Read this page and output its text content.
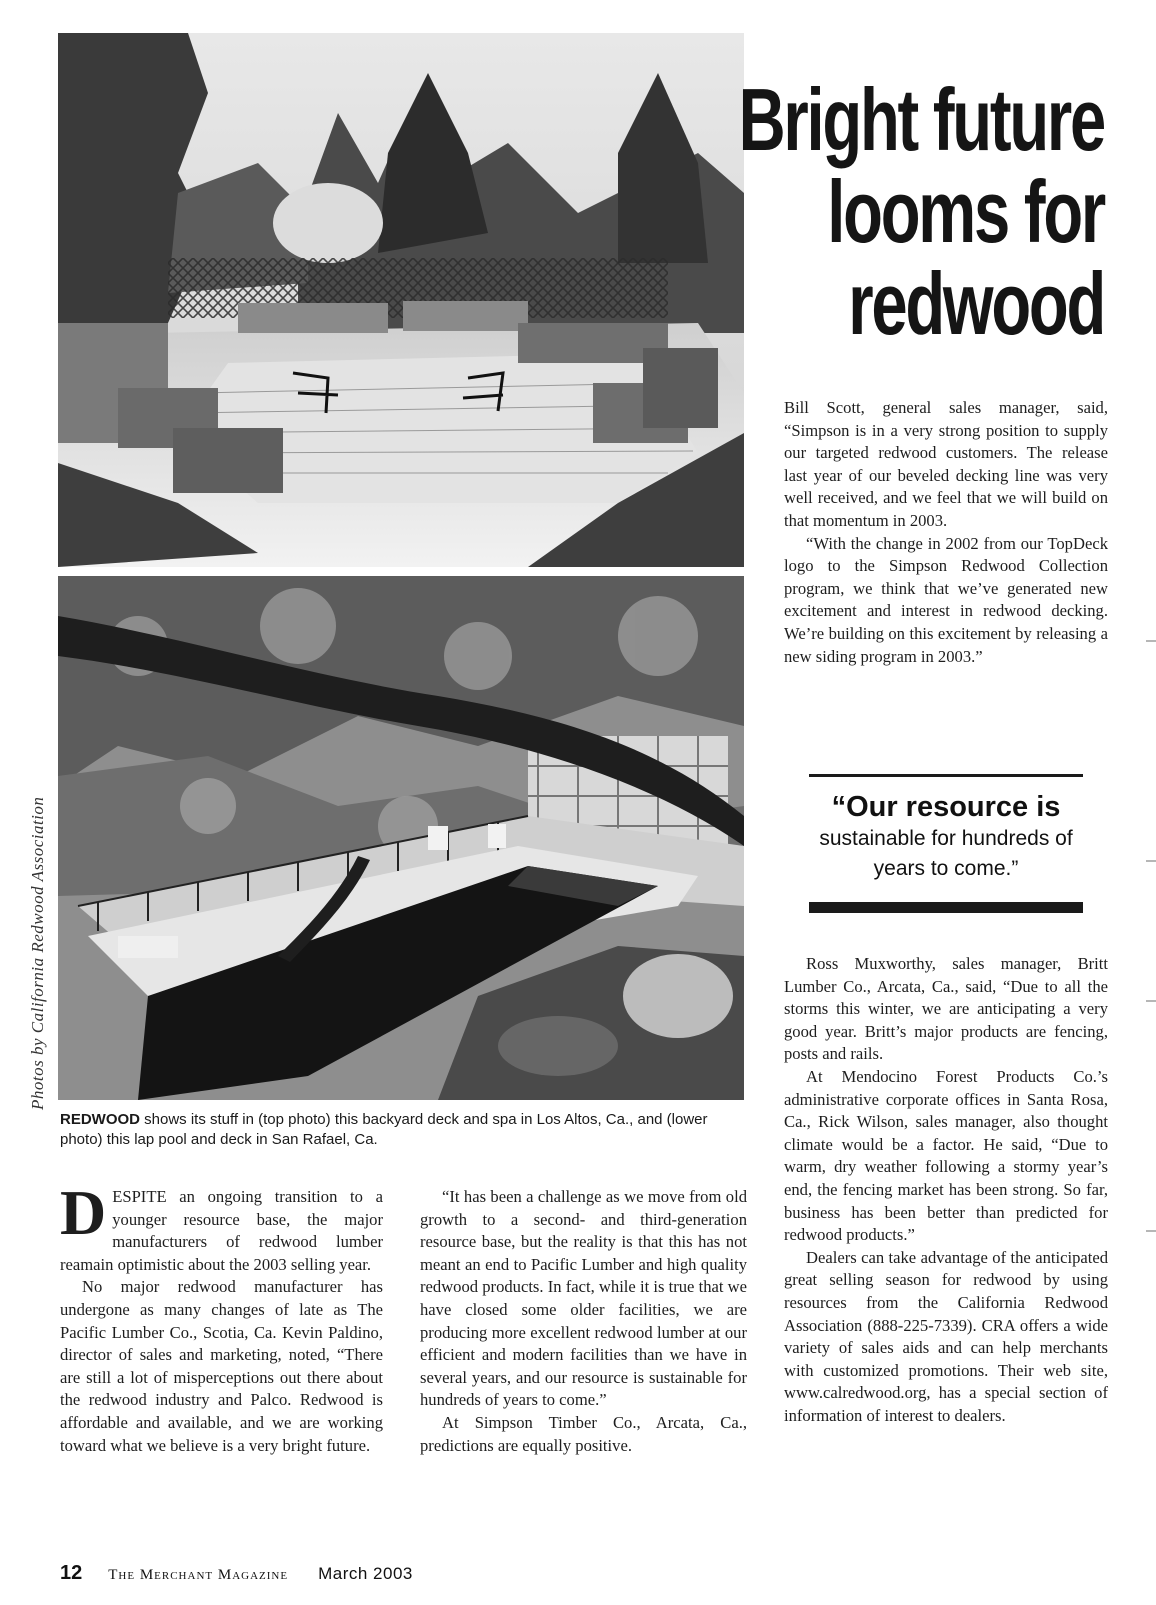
Bright future
looms for
redwood
Photos by California Redwood Association
REDWOOD shows its stuff in (top photo) this backyard deck and spa in Los Altos, Ca., and (lower photo) this lap pool and deck in San Rafael, Ca.

DESPITE an ongoing transition to a younger resource base, the major manufacturers of redwood lumber reamain optimistic about the 2003 selling year.

No major redwood manufacturer has undergone as many changes of late as The Pacific Lumber Co., Scotia, Ca. Kevin Paldino, director of sales and marketing, noted, “There are still a lot of misperceptions out there about the redwood industry and Palco. Redwood is affordable and available, and we are working toward what we believe is a very bright future.

“It has been a challenge as we move from old growth to a second- and third-generation resource base, but the reality is that this has not meant an end to Pacific Lumber and high quality redwood products. In fact, while it is true that we have closed some older facilities, we are producing more excellent redwood lumber at our efficient and modern facilities than we have in several years, and our resource is sustainable for hundreds of years to come.”

At Simpson Timber Co., Arcata, Ca., predictions are equally positive.

Bill Scott, general sales manager, said, “Simpson is in a very strong position to supply our targeted redwood customers. The release last year of our beveled decking line was very well received, and we feel that we will build on that momentum in 2003.

“With the change in 2002 from our TopDeck logo to the Simpson Redwood Collection program, we think that we’ve generated new excitement and interest in redwood decking. We’re building on this excitement by releasing a new siding program in 2003.”

“Our resource is
sustainable for hundreds of years to come.”

Ross Muxworthy, sales manager, Britt Lumber Co., Arcata, Ca., said, “Due to all the storms this winter, we are anticipating a very good year. Britt’s major products are fencing, posts and rails.

At Mendocino Forest Products Co.’s administrative corporate offices in Santa Rosa, Ca., Rick Wilson, sales manager, also thought climate would be a factor. He said, “Due to warm, dry weather following a stormy year’s end, the fencing market has been strong. So far, business has been better than predicted for redwood products.”

Dealers can take advantage of the anticipated great selling season for redwood by using resources from the California Redwood Association (888-225-7339). CRA offers a wide variety of sales aids and can help merchants with customized promotions. Their web site, www.calredwood.org, has a special section of information of interest to dealers.

12 The Merchant Magazine March 2003
